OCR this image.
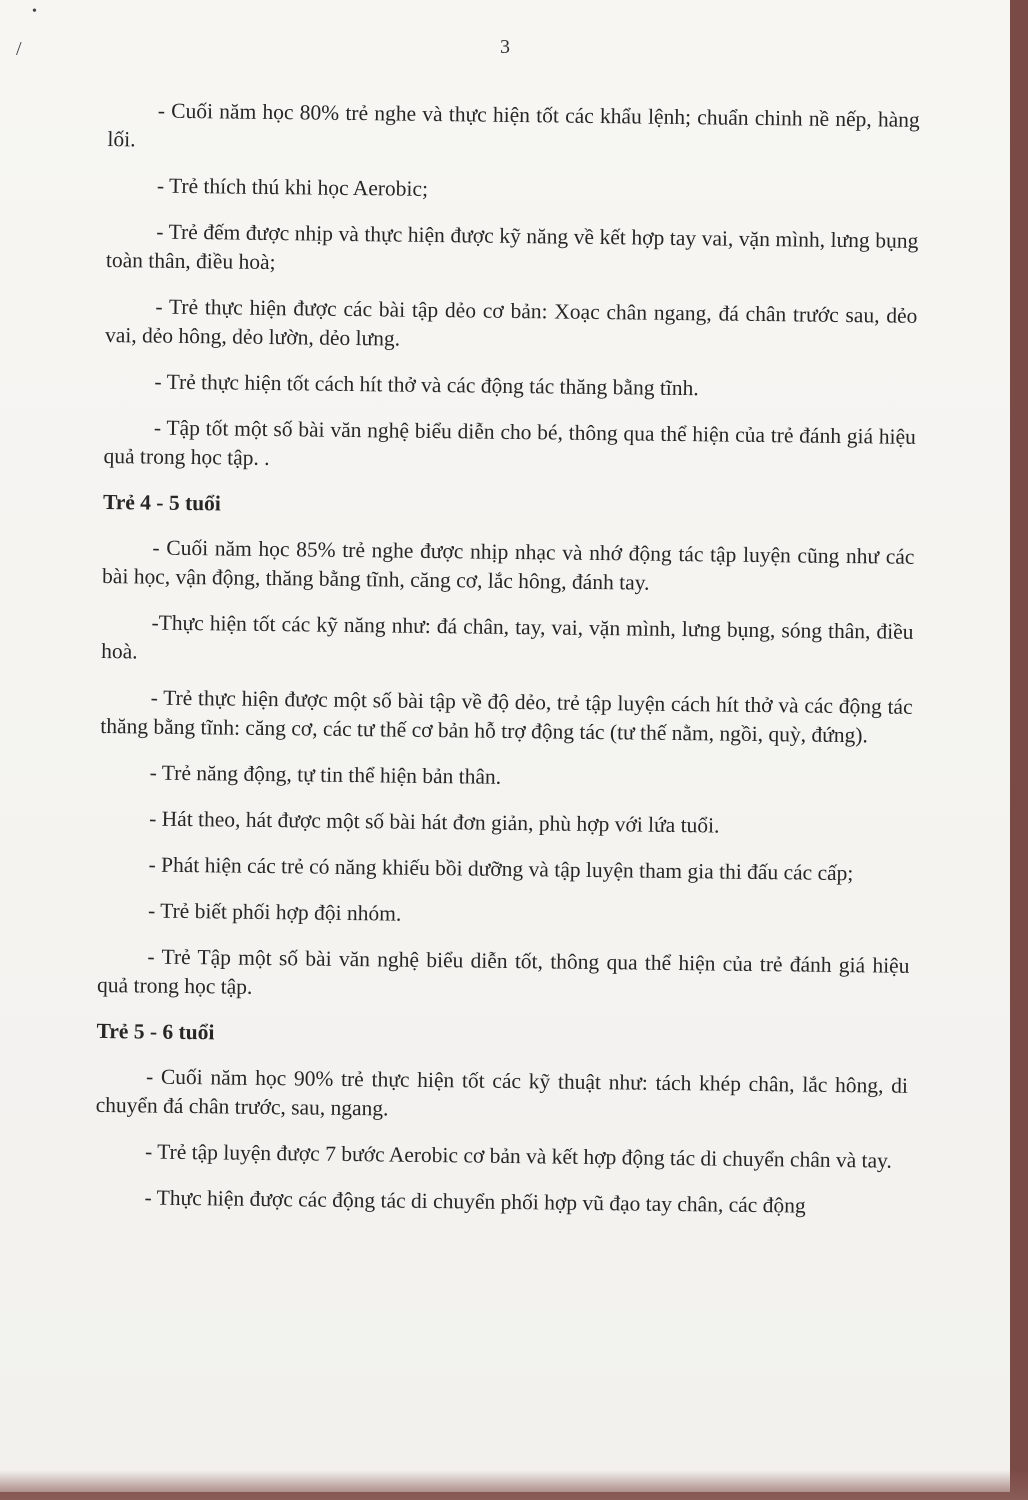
•
/	3

- Cuối năm học 80% trẻ nghe và thực hiện tốt các khẩu lệnh; chuẩn chinh nề nếp, hàng lối.

- Trẻ thích thú khi học Aerobic;

- Trẻ đếm được nhịp và thực hiện được kỹ năng về kết hợp tay vai, vặn mình, lưng bụng toàn thân, điều hoà;

- Trẻ thực hiện được các bài tập dẻo cơ bản: Xoạc chân ngang, đá chân trước sau, dẻo vai, dẻo hông, dẻo lườn, dẻo lưng.

- Trẻ thực hiện tốt cách hít thở và các động tác thăng bằng tĩnh.

- Tập tốt một số bài văn nghệ biểu diễn cho bé, thông qua thể hiện của trẻ đánh giá hiệu quả trong học tập. .

Trẻ 4 - 5 tuổi

- Cuối năm học 85% trẻ nghe được nhịp nhạc và nhớ động tác tập luyện cũng như các bài học, vận động, thăng bằng tĩnh, căng cơ, lắc hông, đánh tay.

-Thực hiện tốt các kỹ năng như: đá chân, tay, vai, vặn mình, lưng bụng, sóng thân, điều hoà.

- Trẻ thực hiện được một số bài tập về độ dẻo, trẻ tập luyện cách hít thở và các động tác thăng bằng tĩnh: căng cơ, các tư thế cơ bản hỗ trợ động tác (tư thế nằm, ngồi, quỳ, đứng).

- Trẻ năng động, tự tin thể hiện bản thân.

- Hát theo, hát được một số bài hát đơn giản, phù hợp với lứa tuổi.

- Phát hiện các trẻ có năng khiếu bồi dưỡng và tập luyện tham gia thi đấu các cấp;

- Trẻ biết phối hợp đội nhóm.

- Trẻ Tập một số bài văn nghệ biểu diễn tốt, thông qua thể hiện của trẻ đánh giá hiệu quả trong học tập.

Trẻ 5 - 6 tuổi

- Cuối năm học 90% trẻ thực hiện tốt các kỹ thuật như: tách khép chân, lắc hông, di chuyển đá chân trước, sau, ngang.

- Trẻ tập luyện được 7 bước Aerobic cơ bản và kết hợp động tác di chuyển chân và tay.

- Thực hiện được các động tác di chuyển phối hợp vũ đạo tay chân, các động
